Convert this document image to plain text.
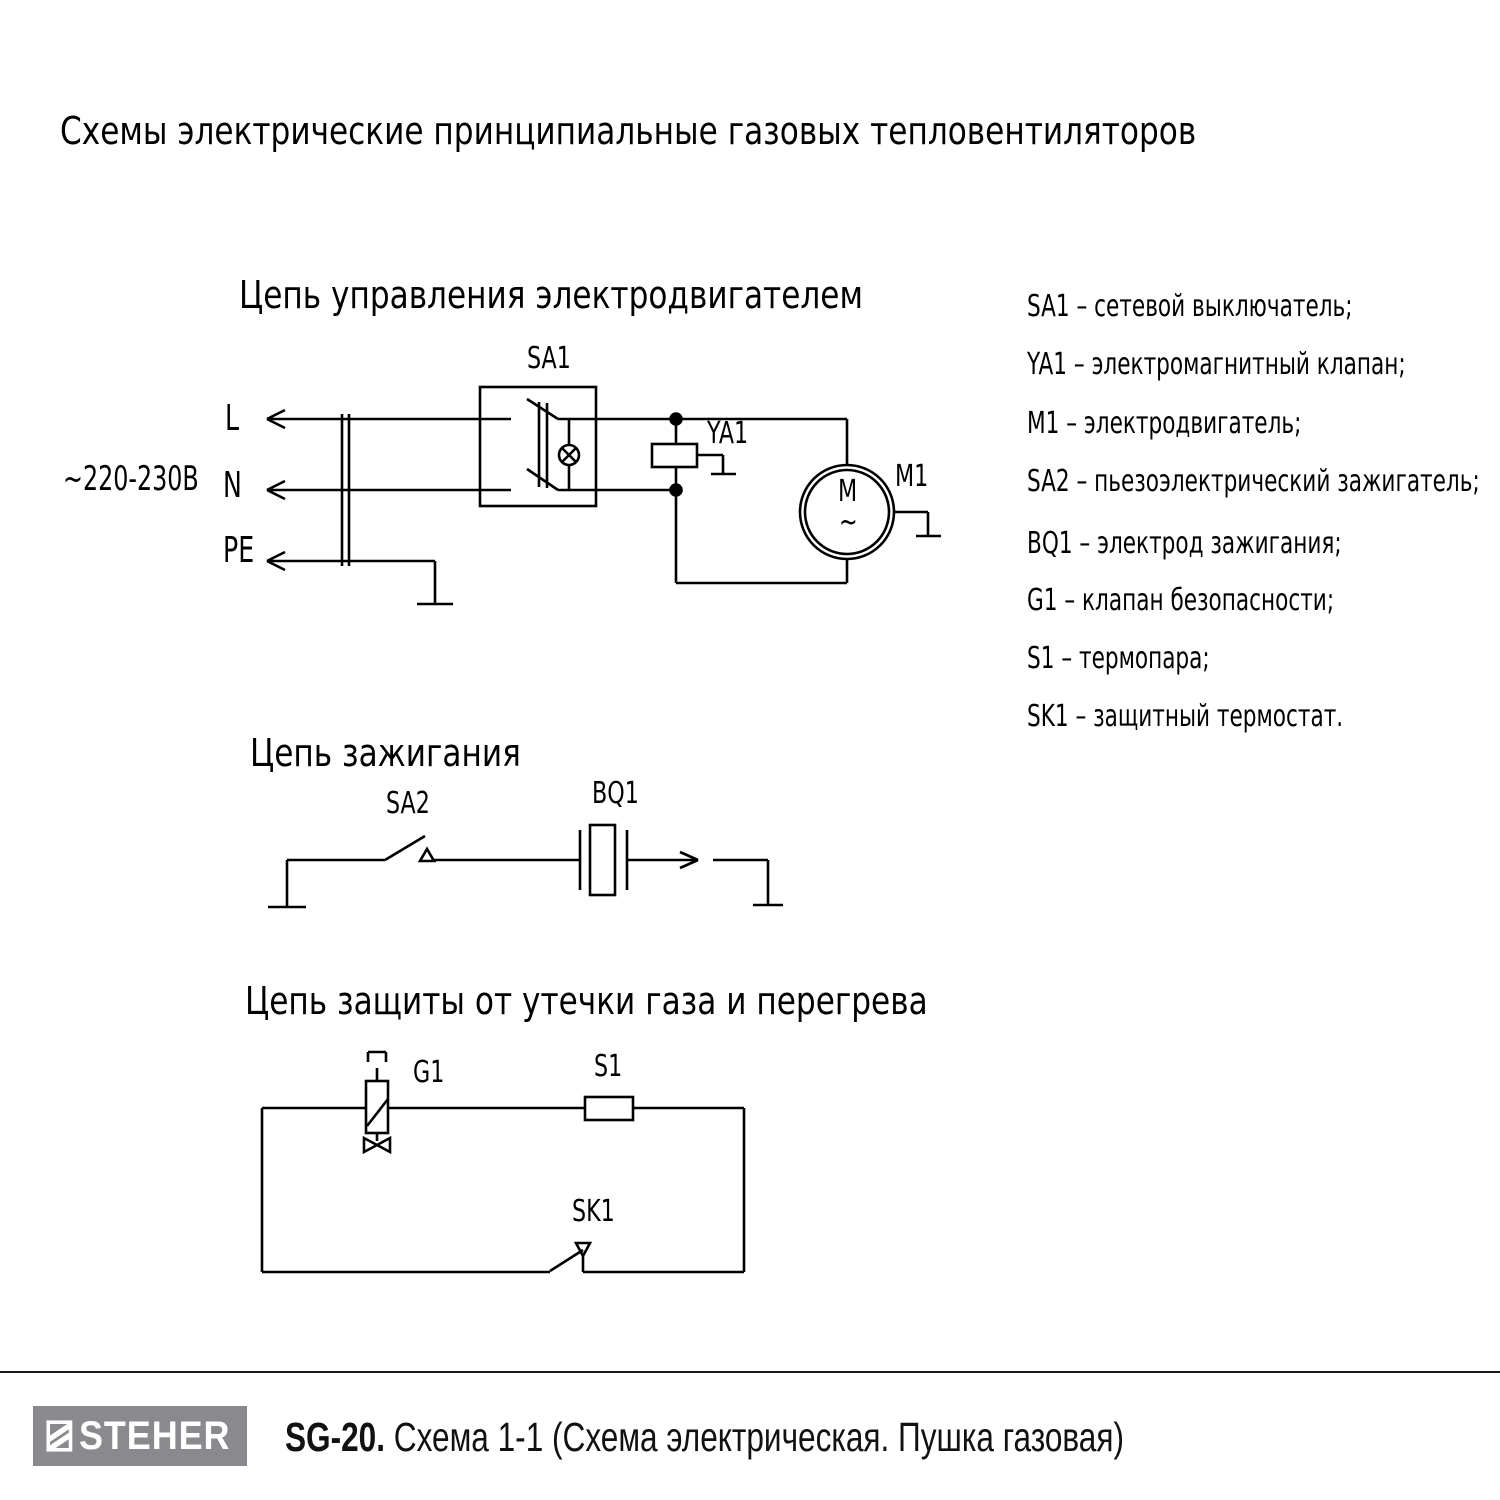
Схемы электрические принципиальные газовых тепловентиляторов
Цепь управления электродвигателем
~220-230В
L
N
PE
SA1
YA1
M1
M
~
SA1 – сетевой выключатель;
YA1 – электромагнитный клапан;
M1 – электродвигатель;
SA2 – пьезоэлектрический зажигатель;
BQ1 – электрод зажигания;
G1 – клапан безопасности;
S1 – термопара;
SK1 – защитный термостат.
Цепь зажигания
SA2	BQ1
Цепь защиты от утечки газа и перегрева
G1	S1
SK1
STEHER SG-20. Схема 1-1 (Схема электрическая. Пушка газовая)
